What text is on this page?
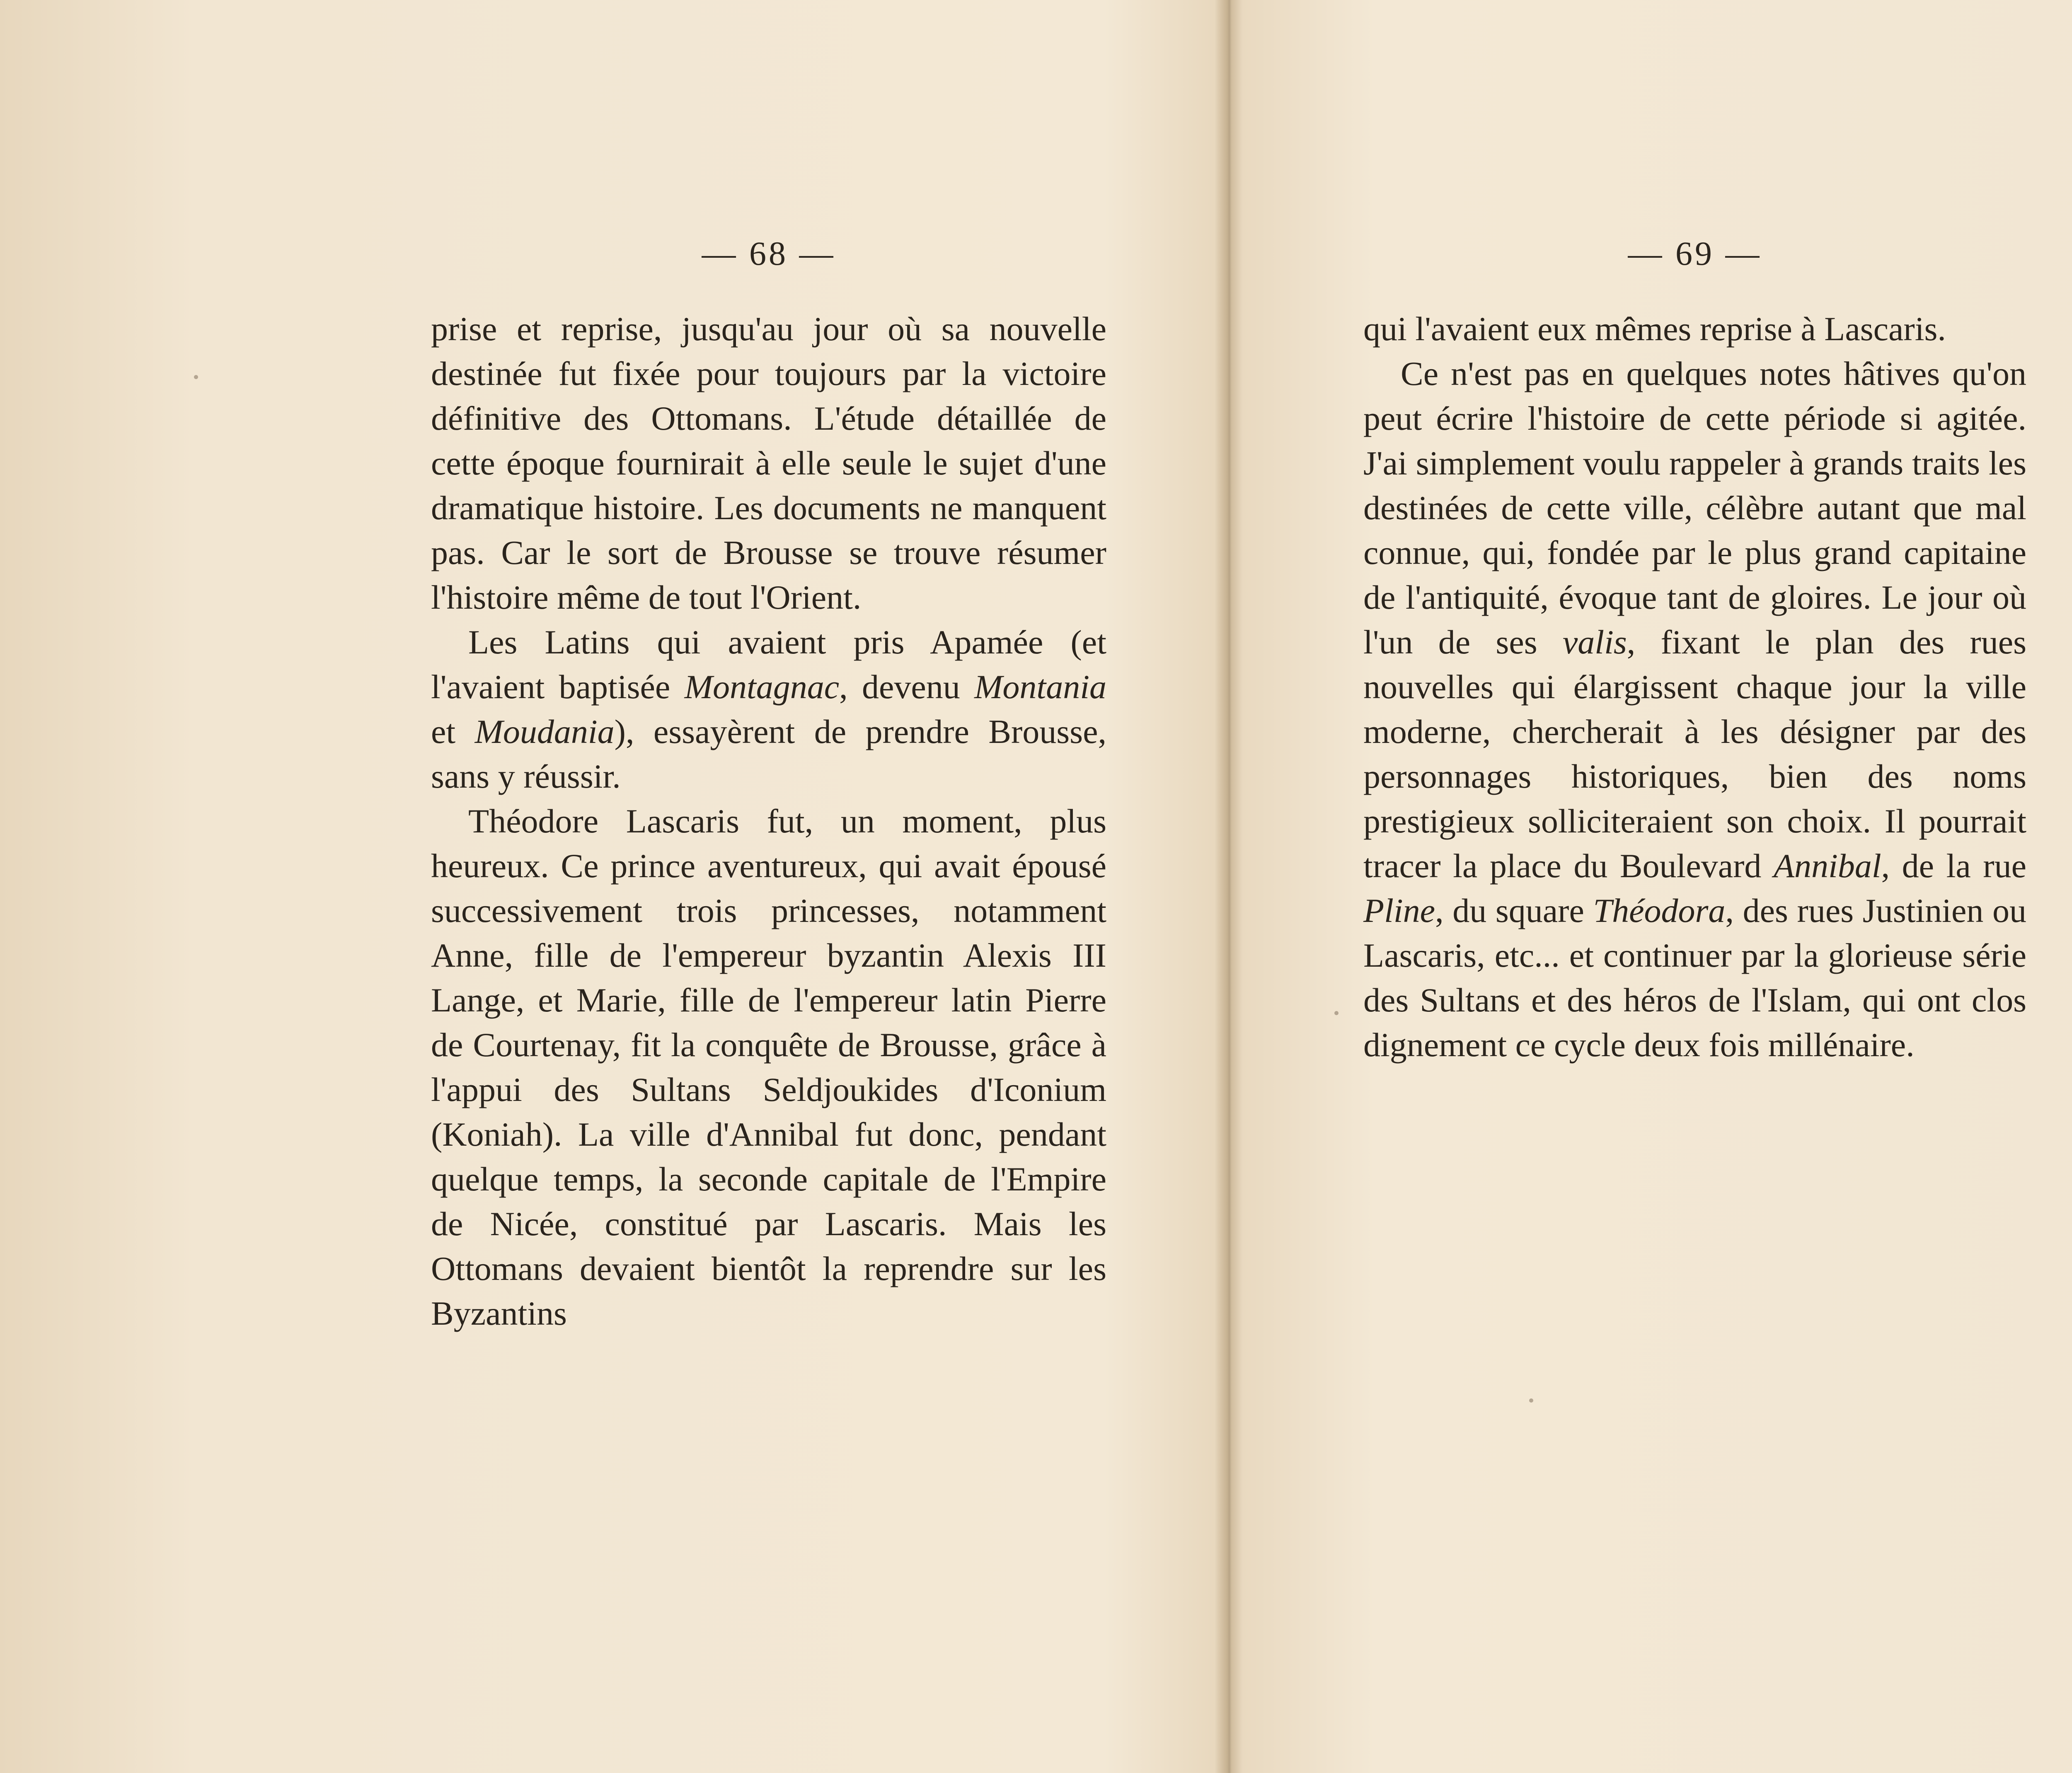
— 68 —

prise et reprise, jusqu'au jour où sa nouvelle destinée fut fixée pour toujours par la victoire définitive des Ottomans. L'étude détaillée de cette époque fournirait à elle seule le sujet d'une dramatique histoire. Les documents ne manquent pas. Car le sort de Brousse se trouve résumer l'histoire même de tout l'Orient.

Les Latins qui avaient pris Apamée (et l'avaient baptisée Montagnac, devenu Montania et Moudania), essayèrent de prendre Brousse, sans y réussir.

Théodore Lascaris fut, un moment, plus heureux. Ce prince aventureux, qui avait épousé successivement trois princesses, notamment Anne, fille de l'empereur byzantin Alexis III Lange, et Marie, fille de l'empereur latin Pierre de Courtenay, fit la conquête de Brousse, grâce à l'appui des Sultans Seldjoukides d'Iconium (Koniah). La ville d'Annibal fut donc, pendant quelque temps, la seconde capitale de l'Empire de Nicée, constitué par Lascaris. Mais les Ottomans devaient bientôt la reprendre sur les Byzantins

— 69 —

qui l'avaient eux mêmes reprise à Lascaris.

Ce n'est pas en quelques notes hâtives qu'on peut écrire l'histoire de cette période si agitée. J'ai simplement voulu rappeler à grands traits les destinées de cette ville, célèbre autant que mal connue, qui, fondée par le plus grand capitaine de l'antiquité, évoque tant de gloires. Le jour où l'un de ses valis, fixant le plan des rues nouvelles qui élargissent chaque jour la ville moderne, chercherait à les désigner par des personnages historiques, bien des noms prestigieux solliciteraient son choix. Il pourrait tracer la place du Boulevard Annibal, de la rue Pline, du square Théodora, des rues Justinien ou Lascaris, etc... et continuer par la glorieuse série des Sultans et des héros de l'Islam, qui ont clos dignement ce cycle deux fois millénaire.
